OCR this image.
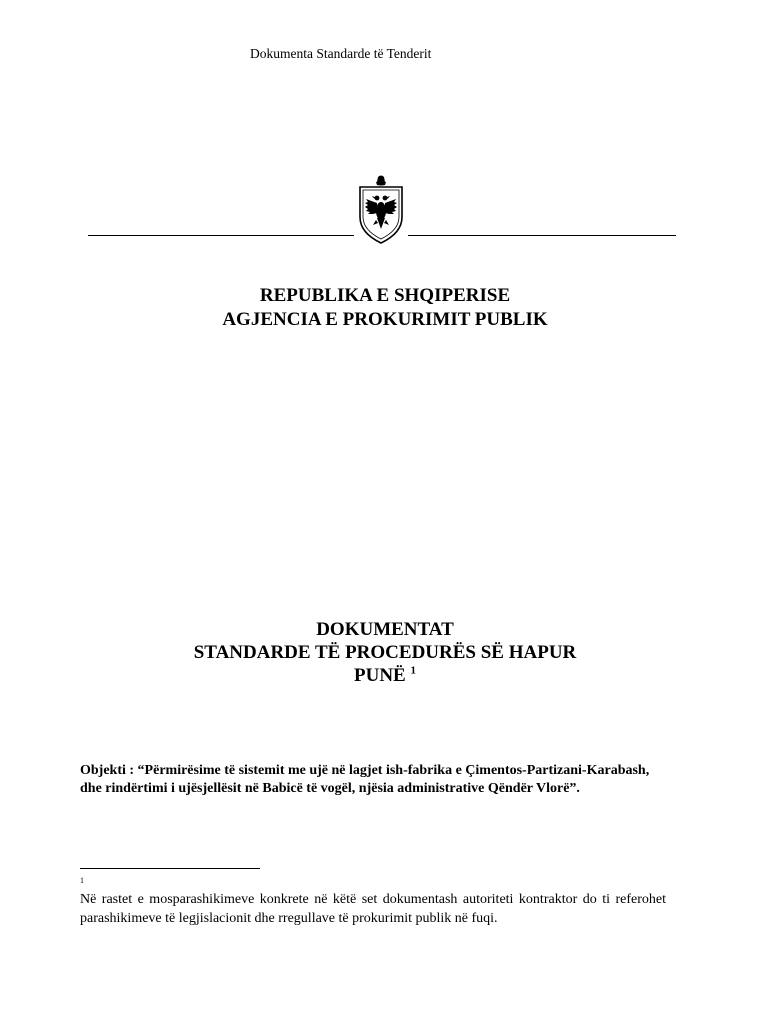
Dokumenta Standarde të Tenderit
REPUBLIKA E SHQIPERISE
AGJENCIA E PROKURIMIT PUBLIK
DOKUMENTAT
STANDARDE TË PROCEDURËS SË HAPUR
PUNË $^1$
Objekti : “Përmirësime të sistemit me ujë në lagjet ish-fabrika e Çimentos-Partizani-Karabash, dhe rindërtimi i ujësjellësit në Babicë të vogël, njësia administrative Qëndër Vlorë”.
1
Në rastet e mosparashikimeve konkrete në këtë set dokumentash autoriteti kontraktor do ti referohet parashikimeve të legjislacionit dhe rregullave të prokurimit publik në fuqi.
